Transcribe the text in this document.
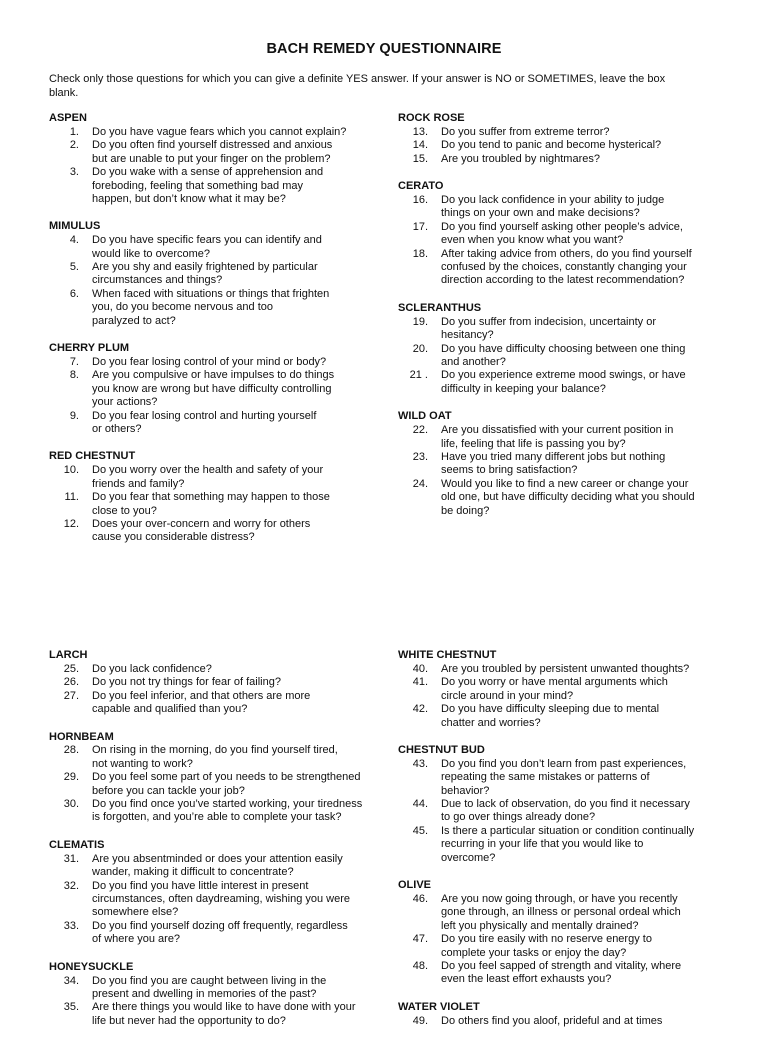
BACH REMEDY QUESTIONNAIRE
Check only those questions for which you can give a definite YES answer. If your answer is NO or SOMETIMES, leave the box
blank.
ASPEN
1. Do you have vague fears which you cannot explain?
2. Do you often find yourself distressed and anxious
but are unable to put your finger on the problem?
3. Do you wake with a sense of apprehension and
foreboding, feeling that something bad may
happen, but don’t know what it may be?
MIMULUS
4. Do you have specific fears you can identify and
would like to overcome?
5. Are you shy and easily frightened by particular
circumstances and things?
6. When faced with situations or things that frighten
you, do you become nervous and too
paralyzed to act?
CHERRY PLUM
7. Do you fear losing control of your mind or body?
8. Are you compulsive or have impulses to do things
you know are wrong but have difficulty controlling
your actions?
9. Do you fear losing control and hurting yourself
or others?
RED CHESTNUT
10. Do you worry over the health and safety of your
friends and family?
11. Do you fear that something may happen to those
close to you?
12. Does your over-concern and worry for others
cause you considerable distress?
ROCK ROSE
13. Do you suffer from extreme terror?
14. Do you tend to panic and become hysterical?
15. Are you troubled by nightmares?
CERATO
16. Do you lack confidence in your ability to judge
things on your own and make decisions?
17. Do you find yourself asking other people’s advice,
even when you know what you want?
18. After taking advice from others, do you find yourself
confused by the choices, constantly changing your
direction according to the latest recommendation?
SCLERANTHUS
19. Do you suffer from indecision, uncertainty or
hesitancy?
20. Do you have difficulty choosing between one thing
and another?
21 . Do you experience extreme mood swings, or have
difficulty in keeping your balance?
WILD OAT
22. Are you dissatisfied with your current position in
life, feeling that life is passing you by?
23. Have you tried many different jobs but nothing
seems to bring satisfaction?
24. Would you like to find a new career or change your
old one, but have difficulty deciding what you should
be doing?
LARCH
25. Do you lack confidence?
26. Do you not try things for fear of failing?
27. Do you feel inferior, and that others are more
capable and qualified than you?
HORNBEAM
28. On rising in the morning, do you find yourself tired,
not wanting to work?
29. Do you feel some part of you needs to be strengthened
before you can tackle your job?
30. Do you find once you’ve started working, your tiredness
is forgotten, and you’re able to complete your task?
CLEMATIS
31. Are you absentminded or does your attention easily
wander, making it difficult to concentrate?
32. Do you find you have little interest in present
circumstances, often daydreaming, wishing you were
somewhere else?
33. Do you find yourself dozing off frequently, regardless
of where you are?
HONEYSUCKLE
34. Do you find you are caught between living in the
present and dwelling in memories of the past?
35. Are there things you would like to have done with your
life but never had the opportunity to do?
WHITE CHESTNUT
40. Are you troubled by persistent unwanted thoughts?
41. Do you worry or have mental arguments which
circle around in your mind?
42. Do you have difficulty sleeping due to mental
chatter and worries?
CHESTNUT BUD
43. Do you find you don’t learn from past experiences,
repeating the same mistakes or patterns of
behavior?
44. Due to lack of observation, do you find it necessary
to go over things already done?
45. Is there a particular situation or condition continually
recurring in your life that you would like to
overcome?
OLIVE
46. Are you now going through, or have you recently
gone through, an illness or personal ordeal which
left you physically and mentally drained?
47. Do you tire easily with no reserve energy to
complete your tasks or enjoy the day?
48. Do you feel sapped of strength and vitality, where
even the least effort exhausts you?
WATER VIOLET
49. Do others find you aloof, prideful and at times
